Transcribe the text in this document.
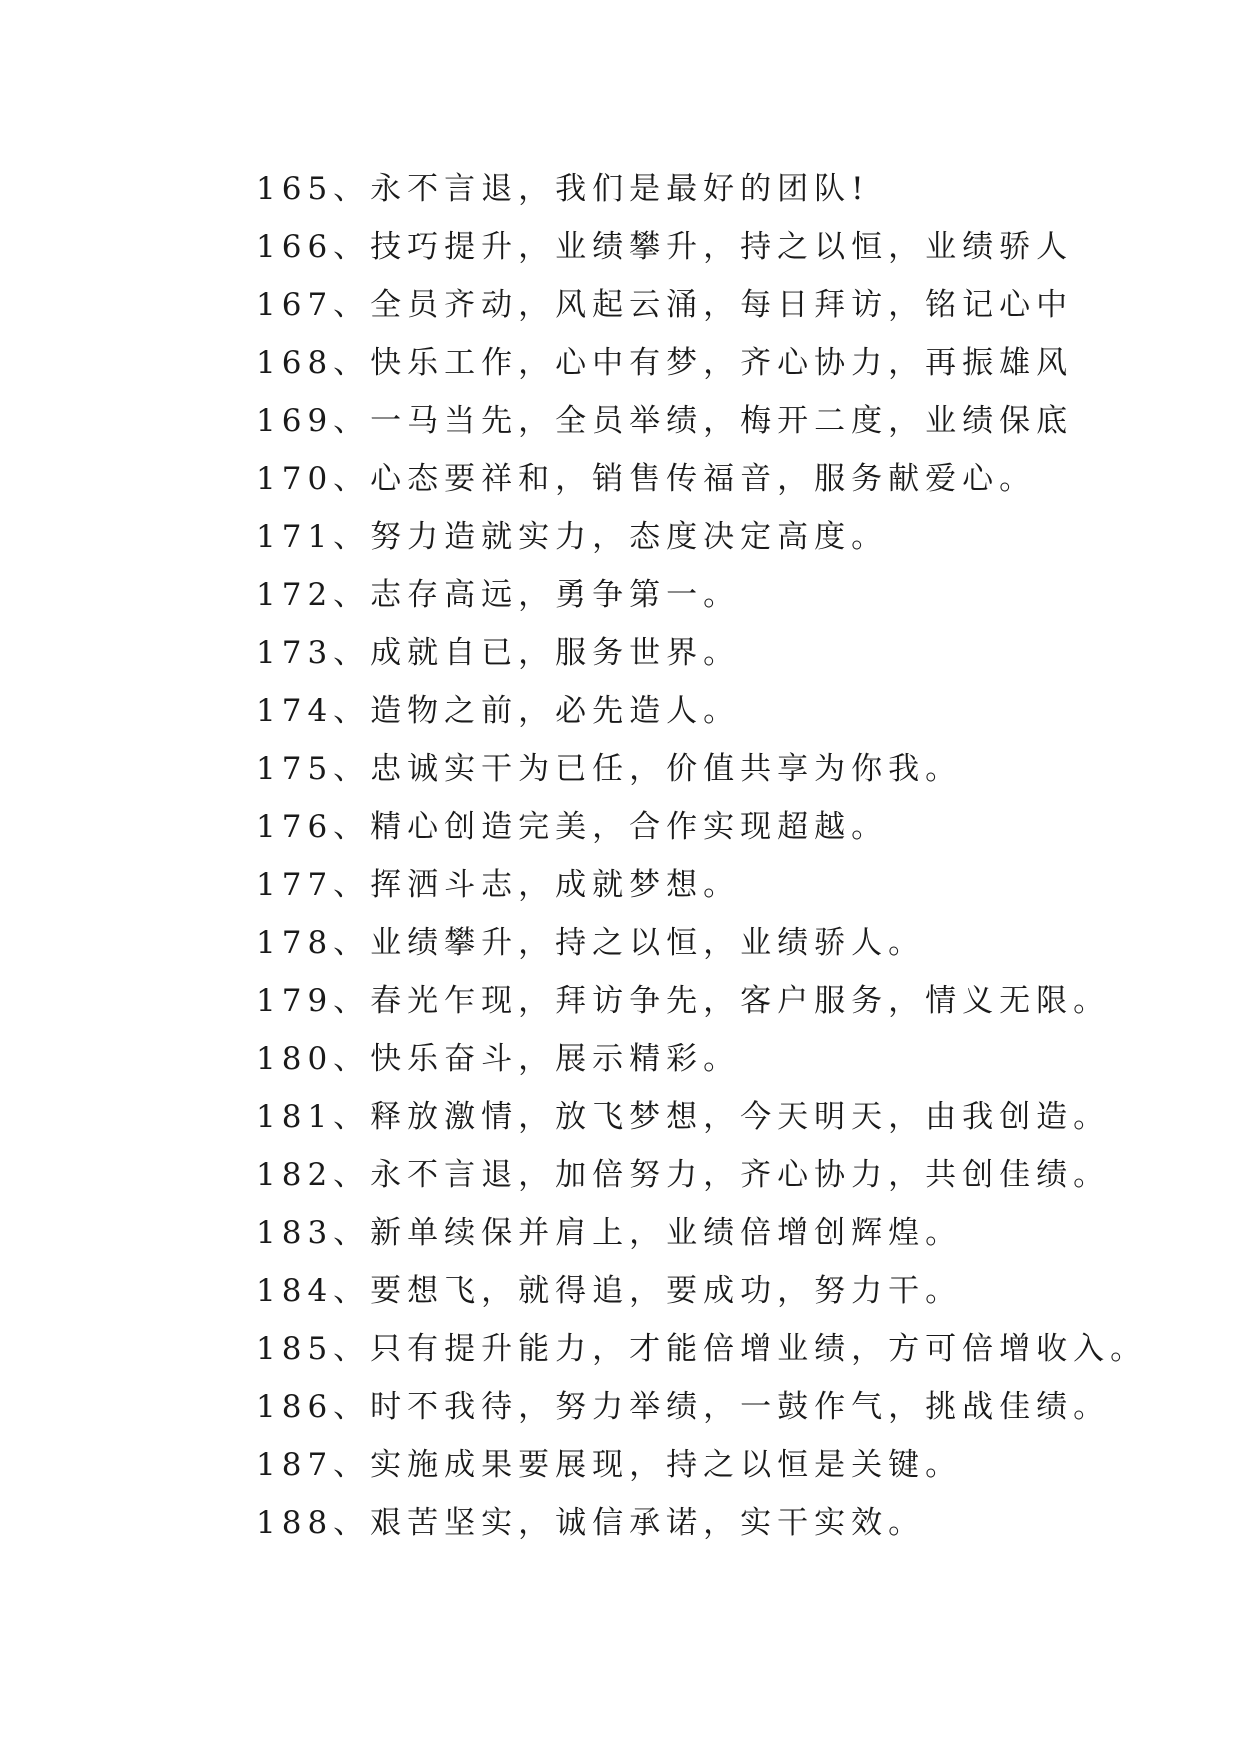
165、永不言退，我们是最好的团队!
166、技巧提升，业绩攀升，持之以恒，业绩骄人
167、全员齐动，风起云涌，每日拜访，铭记心中
168、快乐工作，心中有梦，齐心协力，再振雄风
169、一马当先，全员举绩，梅开二度，业绩保底
170、心态要祥和，销售传福音，服务献爱心。
171、努力造就实力，态度决定高度。
172、志存高远，勇争第一。
173、成就自已，服务世界。
174、造物之前，必先造人。
175、忠诚实干为已任，价值共享为你我。
176、精心创造完美，合作实现超越。
177、挥洒斗志，成就梦想。
178、业绩攀升，持之以恒，业绩骄人。
179、春光乍现，拜访争先，客户服务，情义无限。
180、快乐奋斗，展示精彩。
181、释放激情，放飞梦想，今天明天，由我创造。
182、永不言退，加倍努力，齐心协力，共创佳绩。
183、新单续保并肩上，业绩倍增创辉煌。
184、要想飞，就得追，要成功，努力干。
185、只有提升能力，才能倍增业绩，方可倍增收入。
186、时不我待，努力举绩，一鼓作气，挑战佳绩。
187、实施成果要展现，持之以恒是关键。
188、艰苦坚实，诚信承诺，实干实效。
